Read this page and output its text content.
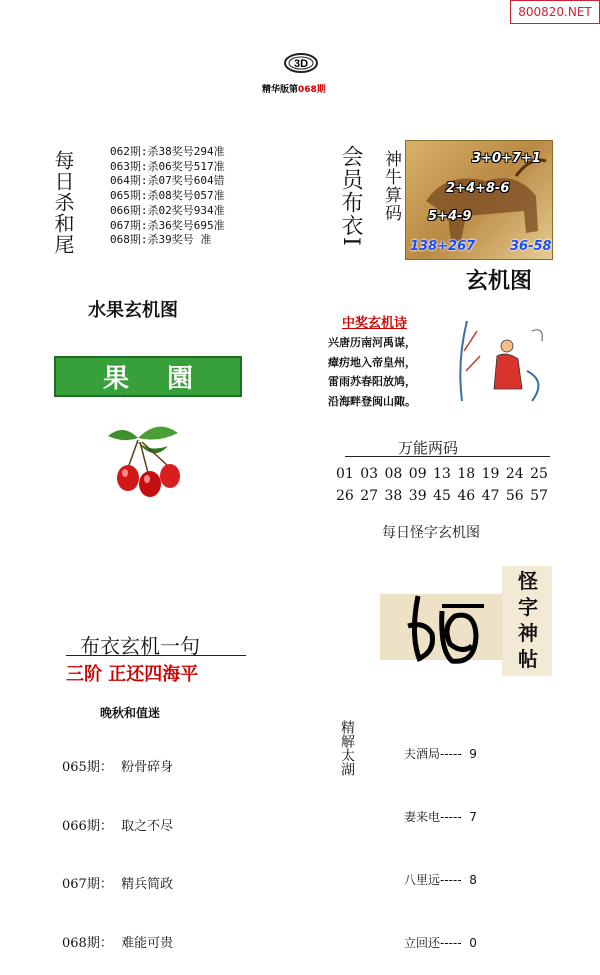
800820.NET
3D
精华版第068期
每日杀和尾	062期:杀38奖号294准
063期:杀06奖号517准
064期:杀07奖号604错
065期:杀08奖号057准
066期:杀02奖号934准
067期:杀36奖号695准
068期:杀39奖号 准	会员布衣I 神牛算码	3+0+7+1
2+4+8-6
5+4-9
138+267	36-58
玄机图
水果玄机图
果 園
中奖玄机诗
兴唐历南河禹谋，
瘴疠地入帝皇州，
雷雨苏春阳放鸠，
沿海畔登闽山陬。
万能两码
01 03 08 09 13 18 19 24 25
26 27 38 39 45 46 47 56 57
每日怪字玄机图
怪
字
神
帖
布衣玄机一句
三阶 正还四海平
晚秋和值迷

065期：  粉骨碎身

066期：  取之不尽

067期：  精兵简政

068期：  难能可贵

精解太湖

	夫酒局-----  9

妻来电-----  7

八里远-----  8

立回还-----  0
